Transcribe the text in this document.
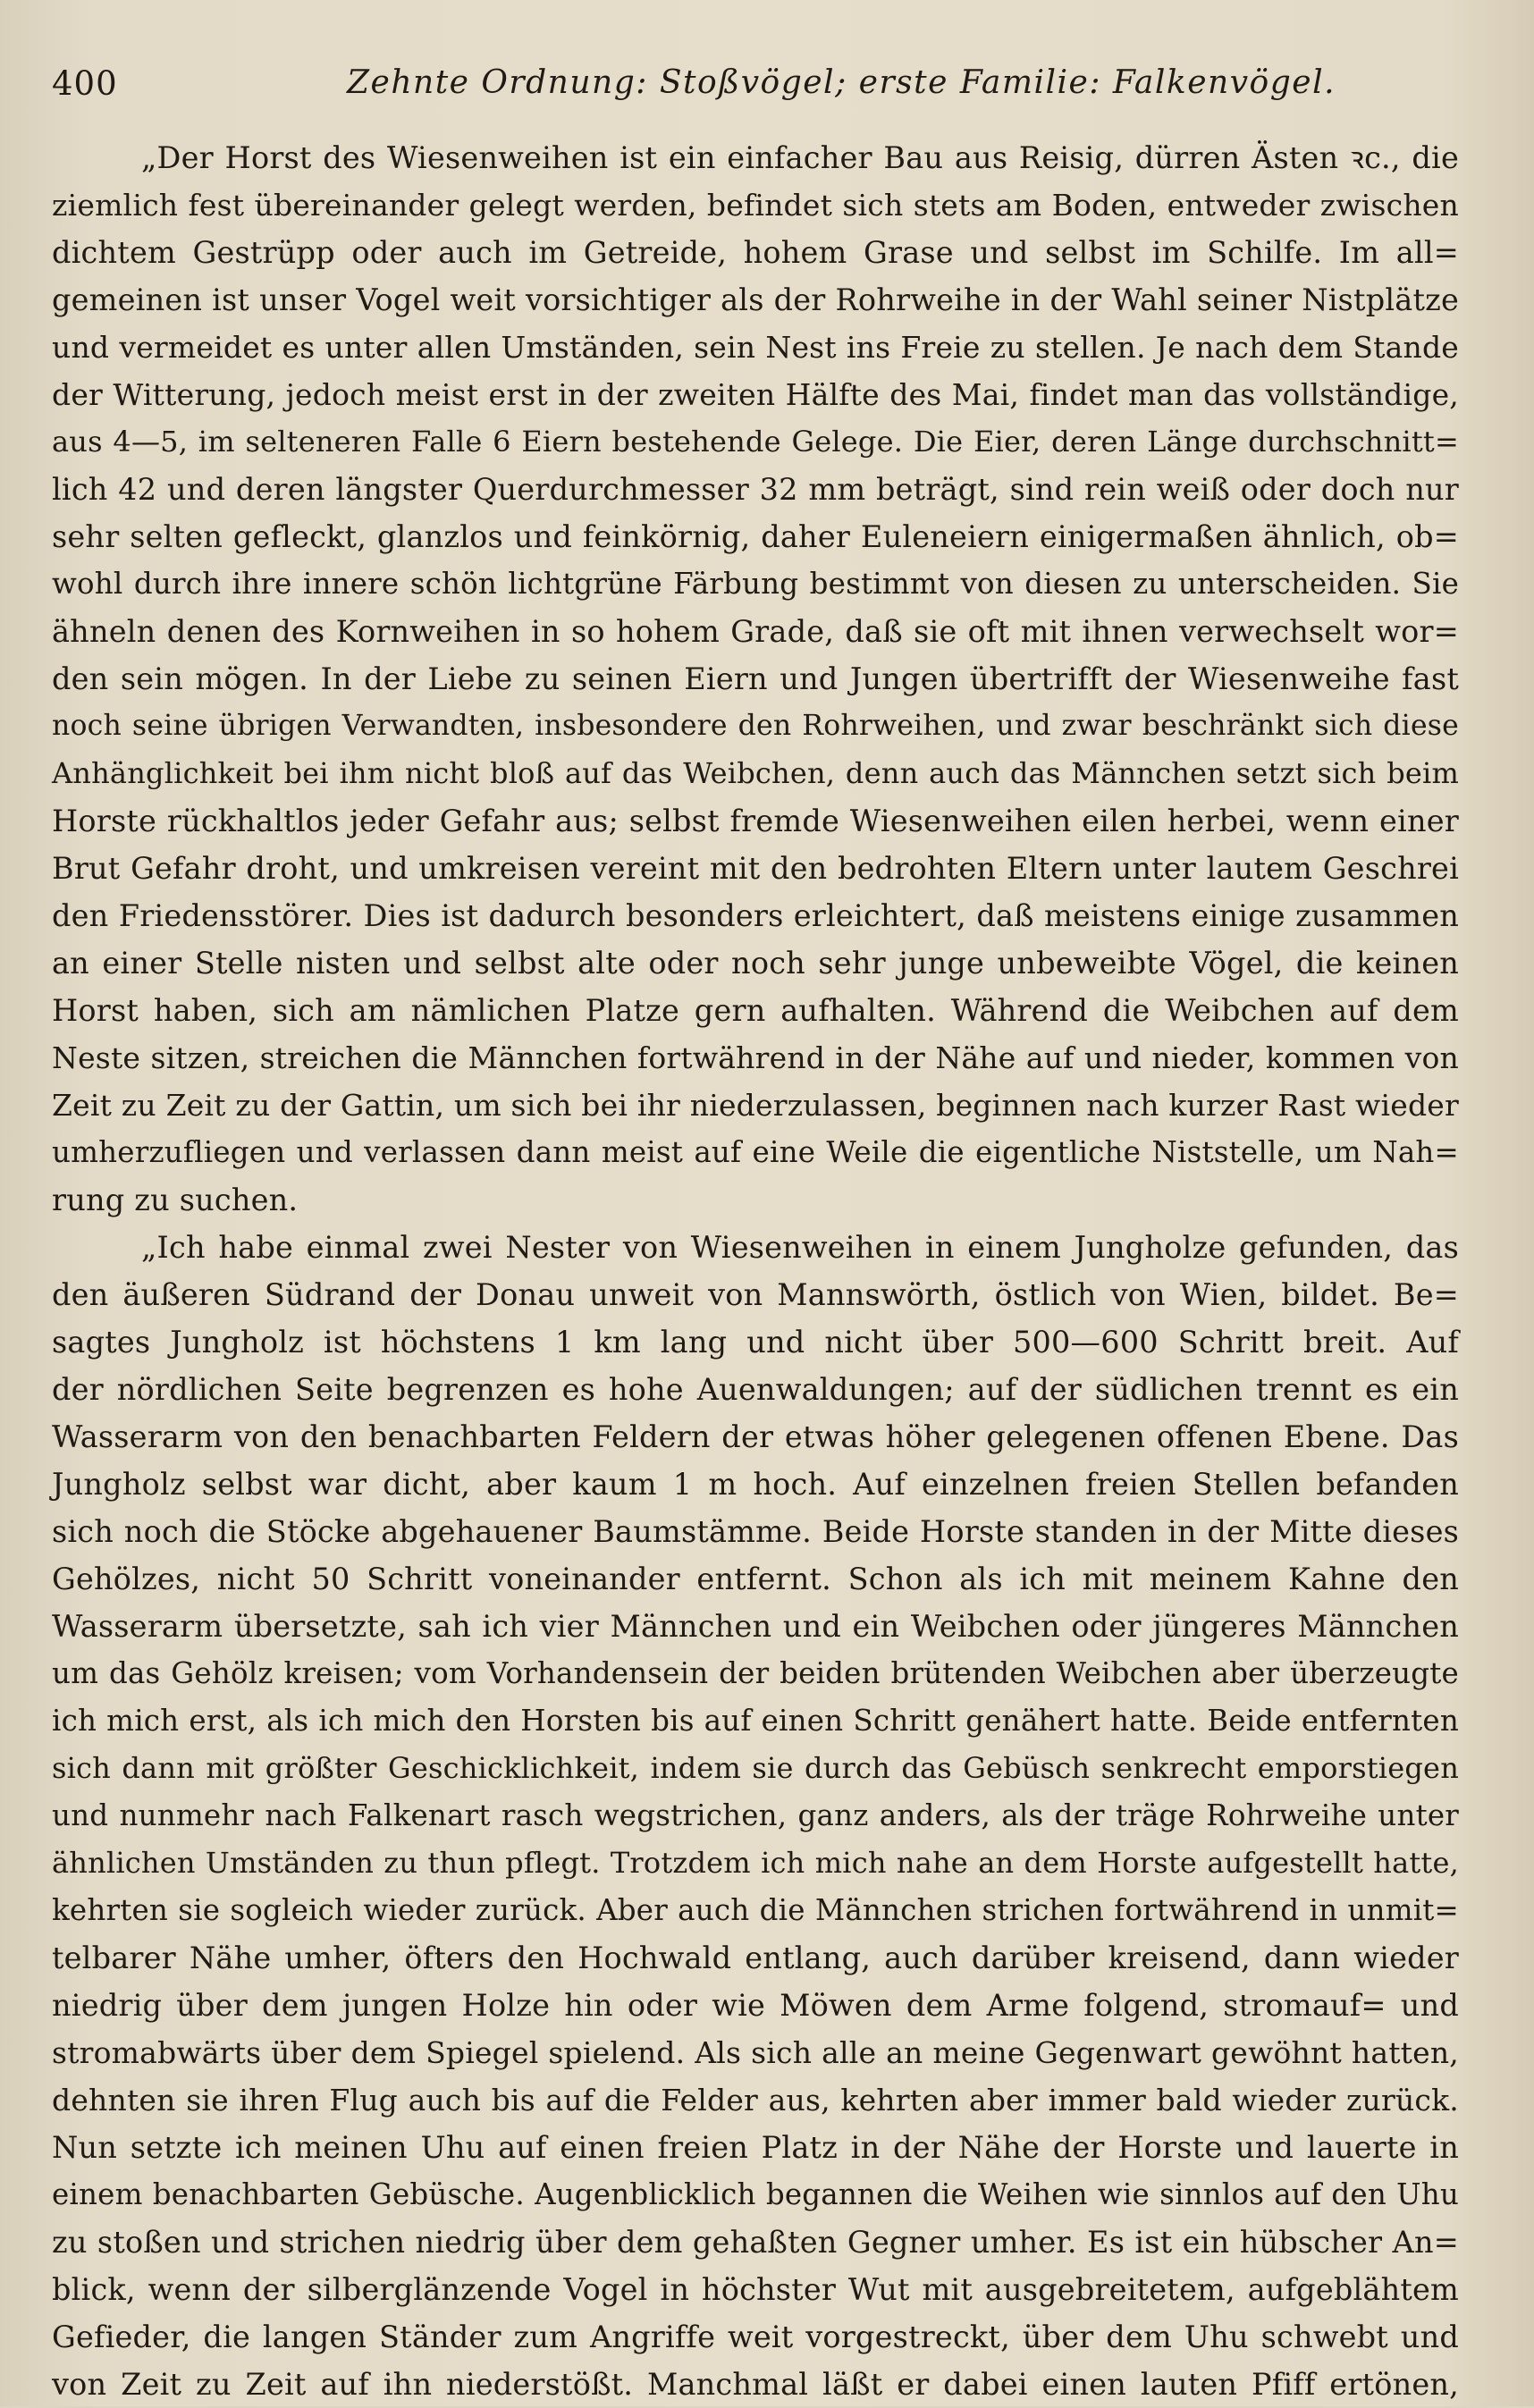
400	Zehnte Ordnung: Stoßvögel; erste Familie: Falkenvögel.
„Der Horst des Wiesenweihen ist ein einfacher Bau aus Reisig, dürren Ästen ꝛc., die
ziemlich fest übereinander gelegt werden, befindet sich stets am Boden, entweder zwischen
dichtem Gestrüpp oder auch im Getreide, hohem Grase und selbst im Schilfe. Im all=
gemeinen ist unser Vogel weit vorsichtiger als der Rohrweihe in der Wahl seiner Nistplätze
und vermeidet es unter allen Umständen, sein Nest ins Freie zu stellen. Je nach dem Stande
der Witterung, jedoch meist erst in der zweiten Hälfte des Mai, findet man das vollständige,
aus 4—5, im selteneren Falle 6 Eiern bestehende Gelege. Die Eier, deren Länge durchschnitt=
lich 42 und deren längster Querdurchmesser 32 mm beträgt, sind rein weiß oder doch nur
sehr selten gefleckt, glanzlos und feinkörnig, daher Euleneiern einigermaßen ähnlich, ob=
wohl durch ihre innere schön lichtgrüne Färbung bestimmt von diesen zu unterscheiden. Sie
ähneln denen des Kornweihen in so hohem Grade, daß sie oft mit ihnen verwechselt wor=
den sein mögen. In der Liebe zu seinen Eiern und Jungen übertrifft der Wiesenweihe fast
noch seine übrigen Verwandten, insbesondere den Rohrweihen, und zwar beschränkt sich diese
Anhänglichkeit bei ihm nicht bloß auf das Weibchen, denn auch das Männchen setzt sich beim
Horste rückhaltlos jeder Gefahr aus; selbst fremde Wiesenweihen eilen herbei, wenn einer
Brut Gefahr droht, und umkreisen vereint mit den bedrohten Eltern unter lautem Geschrei
den Friedensstörer. Dies ist dadurch besonders erleichtert, daß meistens einige zusammen
an einer Stelle nisten und selbst alte oder noch sehr junge unbeweibte Vögel, die keinen
Horst haben, sich am nämlichen Platze gern aufhalten. Während die Weibchen auf dem
Neste sitzen, streichen die Männchen fortwährend in der Nähe auf und nieder, kommen von
Zeit zu Zeit zu der Gattin, um sich bei ihr niederzulassen, beginnen nach kurzer Rast wieder
umherzufliegen und verlassen dann meist auf eine Weile die eigentliche Niststelle, um Nah=
rung zu suchen.
„Ich habe einmal zwei Nester von Wiesenweihen in einem Jungholze gefunden, das
den äußeren Südrand der Donau unweit von Mannswörth, östlich von Wien, bildet. Be=
sagtes Jungholz ist höchstens 1 km lang und nicht über 500—600 Schritt breit. Auf
der nördlichen Seite begrenzen es hohe Auenwaldungen; auf der südlichen trennt es ein
Wasserarm von den benachbarten Feldern der etwas höher gelegenen offenen Ebene. Das
Jungholz selbst war dicht, aber kaum 1 m hoch. Auf einzelnen freien Stellen befanden
sich noch die Stöcke abgehauener Baumstämme. Beide Horste standen in der Mitte dieses
Gehölzes, nicht 50 Schritt voneinander entfernt. Schon als ich mit meinem Kahne den
Wasserarm übersetzte, sah ich vier Männchen und ein Weibchen oder jüngeres Männchen
um das Gehölz kreisen; vom Vorhandensein der beiden brütenden Weibchen aber überzeugte
ich mich erst, als ich mich den Horsten bis auf einen Schritt genähert hatte. Beide entfernten
sich dann mit größter Geschicklichkeit, indem sie durch das Gebüsch senkrecht emporstiegen
und nunmehr nach Falkenart rasch wegstrichen, ganz anders, als der träge Rohrweihe unter
ähnlichen Umständen zu thun pflegt. Trotzdem ich mich nahe an dem Horste aufgestellt hatte,
kehrten sie sogleich wieder zurück. Aber auch die Männchen strichen fortwährend in unmit=
telbarer Nähe umher, öfters den Hochwald entlang, auch darüber kreisend, dann wieder
niedrig über dem jungen Holze hin oder wie Möwen dem Arme folgend, stromauf= und
stromabwärts über dem Spiegel spielend. Als sich alle an meine Gegenwart gewöhnt hatten,
dehnten sie ihren Flug auch bis auf die Felder aus, kehrten aber immer bald wieder zurück.
Nun setzte ich meinen Uhu auf einen freien Platz in der Nähe der Horste und lauerte in
einem benachbarten Gebüsche. Augenblicklich begannen die Weihen wie sinnlos auf den Uhu
zu stoßen und strichen niedrig über dem gehaßten Gegner umher. Es ist ein hübscher An=
blick, wenn der silberglänzende Vogel in höchster Wut mit ausgebreitetem, aufgeblähtem
Gefieder, die langen Ständer zum Angriffe weit vorgestreckt, über dem Uhu schwebt und
von Zeit zu Zeit auf ihn niederstößt. Manchmal läßt er dabei einen lauten Pfiff ertönen,
